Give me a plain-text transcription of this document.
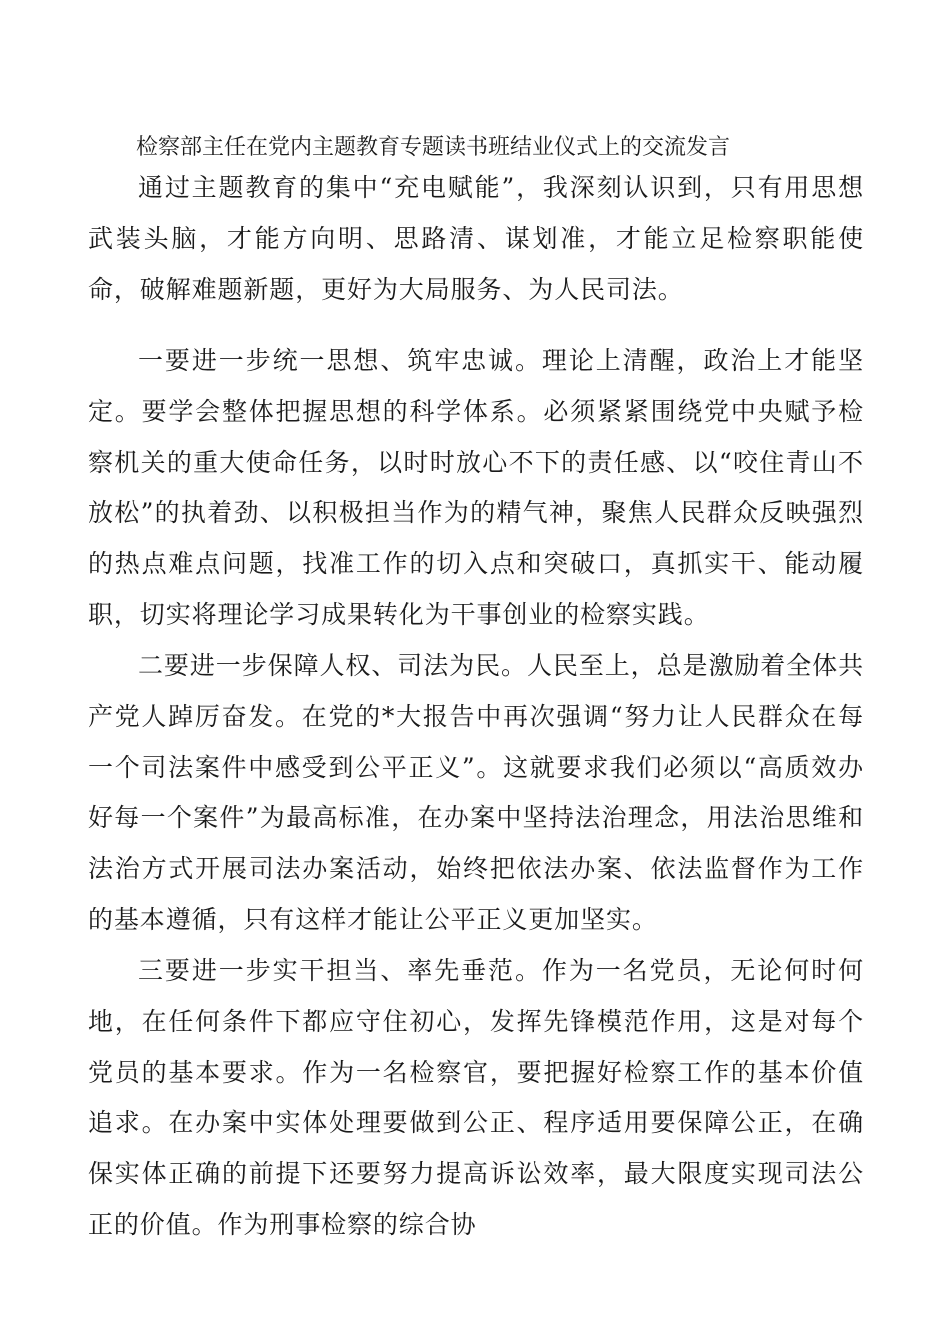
检察部主任在党内主题教育专题读书班结业仪式上的交流发言
通过主题教育的集中“充电赋能”，我深刻认识到，只有用思想武装头脑，才能方向明、思路清、谋划准，才能立足检察职能使命，破解难题新题，更好为大局服务、为人民司法。
一要进一步统一思想、筑牢忠诚。理论上清醒，政治上才能坚定。要学会整体把握思想的科学体系。必须紧紧围绕党中央赋予检察机关的重大使命任务，以时时放心不下的责任感、以“咬住青山不放松”的执着劲、以积极担当作为的精气神，聚焦人民群众反映强烈的热点难点问题，找准工作的切入点和突破口，真抓实干、能动履职，切实将理论学习成果转化为干事创业的检察实践。
二要进一步保障人权、司法为民。人民至上，总是激励着全体共产党人踔厉奋发。在党的*大报告中再次强调“努力让人民群众在每一个司法案件中感受到公平正义”。这就要求我们必须以“高质效办好每一个案件”为最高标准，在办案中坚持法治理念，用法治思维和法治方式开展司法办案活动，始终把依法办案、依法监督作为工作的基本遵循，只有这样才能让公平正义更加坚实。
三要进一步实干担当、率先垂范。作为一名党员，无论何时何地，在任何条件下都应守住初心，发挥先锋模范作用，这是对每个党员的基本要求。作为一名检察官，要把握好检察工作的基本价值追求。在办案中实体处理要做到公正、程序适用要保障公正，在确保实体正确的前提下还要努力提高诉讼效率，最大限度实现司法公正的价值。作为刑事检察的综合协
